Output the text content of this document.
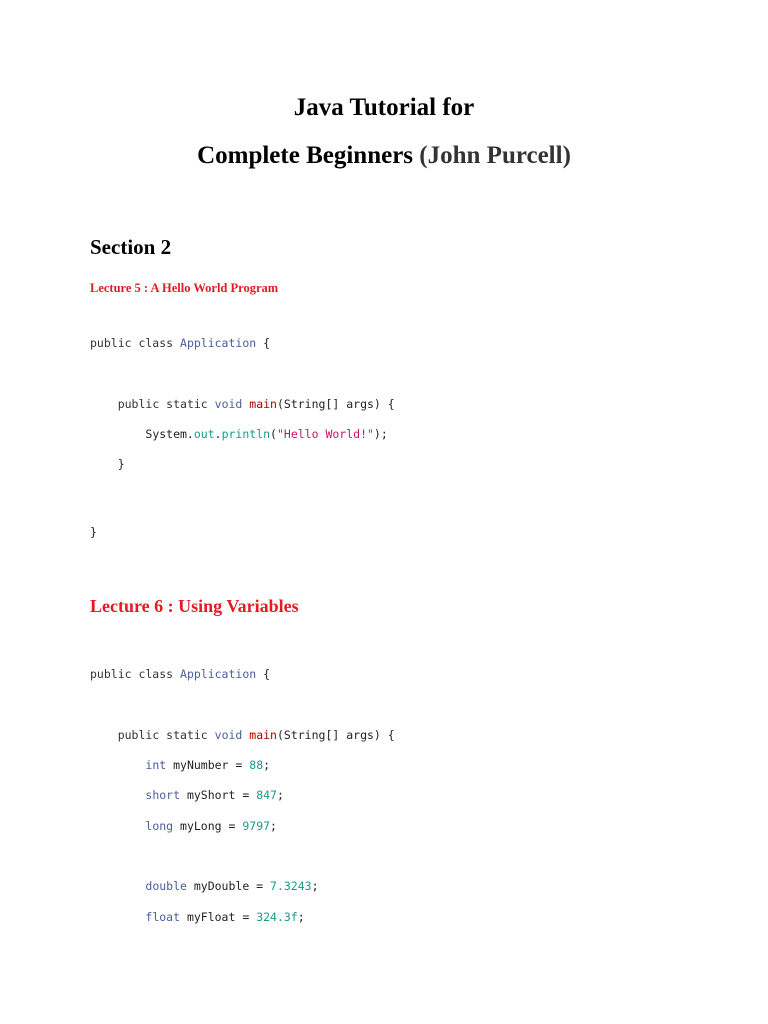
Java Tutorial for
Complete Beginners (John Purcell)
Section 2
Lecture 5 : A Hello World Program
public class Application {
public static void main(String[] args) {
System.out.println("Hello World!");
}
}
Lecture 6 : Using Variables
public class Application {
public static void main(String[] args) {
int myNumber = 88;
short myShort = 847;
long myLong = 9797;
double myDouble = 7.3243;
float myFloat = 324.3f;
